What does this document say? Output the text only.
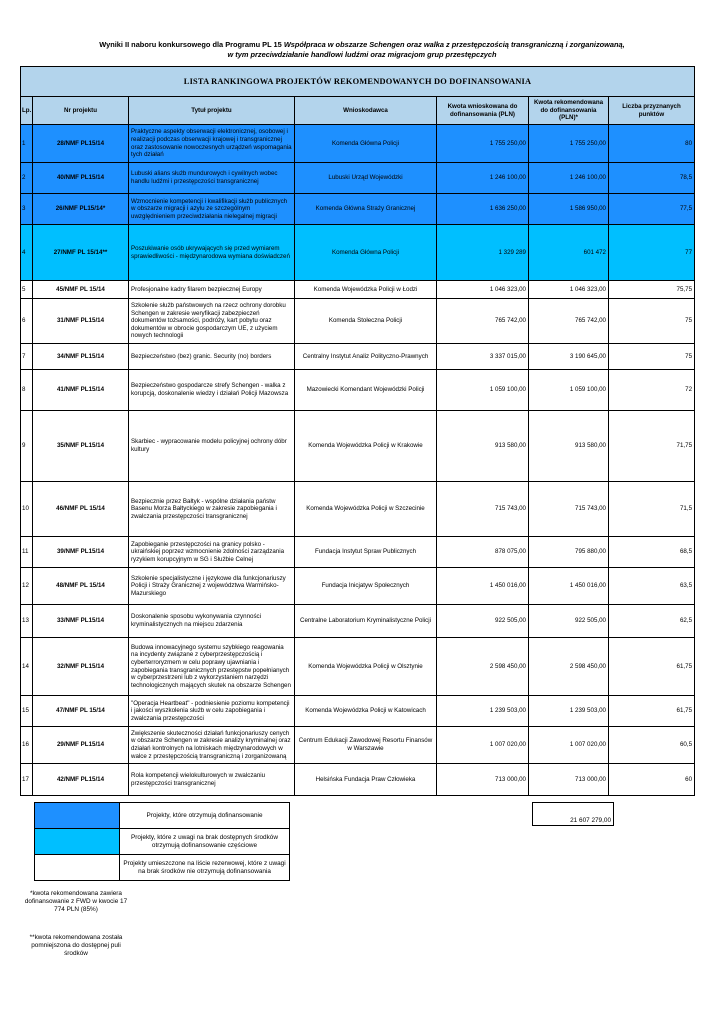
Wyniki II naboru konkursowego dla Programu PL 15 Współpraca w obszarze Schengen oraz walka z przestępczością transgraniczną i zorganizowaną,
w tym przeciwdziałanie handlowi ludźmi oraz migracjom grup przestępczych
LISTA RANKINGOWA PROJEKTÓW REKOMENDOWANYCH DO DOFINANSOWANIA						
Lp.	Nr projektu	Tytuł projektu	Wnioskodawca	Kwota wnioskowana do dofinansowania (PLN)	Kwota rekomendowana do dofinansowania (PLN)*	Liczba przyznanych punktów
1	28/NMF PL15/14	Praktyczne aspekty obserwacji elektronicznej, osobowej i realizacji podczas obserwacji krajowej i transgranicznej oraz zastosowanie nowoczesnych urządzeń wspomagania tych działań	Komenda Główna Policji	1 755 250,00	1 755 250,00	80
2	40/NMF PL15/14	Lubuski alians służb mundurowych i cywilnych wobec handlu ludźmi i przestępczości transgranicznej	Lubuski Urząd Wojewódzki	1 246 100,00	1 246 100,00	78,5
3	26/NMF PL15/14*	Wzmocnienie kompetencji i kwalifikacji służb publicznych w obszarze migracji i azylu ze szczególnym uwzględnieniem przeciwdziałania nielegalnej migracji	Komenda Główna Straży Granicznej	1 636 250,00	1 586 950,00	77,5
4	27/NMF PL 15/14**	Poszukiwanie osób ukrywających się przed wymiarem sprawiedliwości - międzynarodowa wymiana doświadczeń	Komenda Główna Policji	1 329 289	601 472	77
5	45/NMF PL 15/14	Profesjonalne kadry filarem bezpiecznej Europy	Komenda Wojewódzka Policji w Łodzi	1 046 323,00	1 046 323,00	75,75
6	31/NMF PL15/14	Szkolenie służb państwowych na rzecz ochrony dorobku Schengen w zakresie weryfikacji zabezpieczeń dokumentów tożsamości, podróży, kart pobytu oraz dokumentów w obrocie gospodarczym UE, z użyciem nowych technologii	Komenda Stołeczna Policji	765 742,00	765 742,00	75
7	34/NMF PL15/14	Bezpieczeństwo (bez) granic. Security (no) borders	Centralny Instytut Analiz Polityczno-Prawnych	3 337 015,00	3 190 645,00	75
8	41/NMF PL15/14	Bezpieczeństwo gospodarcze strefy Schengen - walka z korupcją, doskonalenie wiedzy i działań Policji Mazowsza	Mazowiecki Komendant Wojewódzki Policji	1 059 100,00	1 059 100,00	72
9	35/NMF PL15/14	Skarbiec - wypracowanie modelu policyjnej ochrony dóbr kultury	Komenda Wojewódzka Policji w Krakowie	913 580,00	913 580,00	71,75
10	46/NMF PL 15/14	Bezpiecznie przez Bałtyk - wspólne działania państw Basenu Morza Bałtyckiego w zakresie zapobiegania i zwalczania przestępczości transgranicznej	Komenda Wojewódzka Policji w Szczecinie	715 743,00	715 743,00	71,5
11	39/NMF PL15/14	Zapobieganie przestępczości na granicy polsko - ukraińskiej poprzez wzmocnienie zdolności zarządzania ryzykiem korupcyjnym w SG i Służbie Celnej	Fundacja Instytut Spraw Publicznych	878 075,00	795 880,00	68,5
12	48/NMF PL 15/14	Szkolenie specjalistyczne i językowe dla funkcjonariuszy Policji i Straży Granicznej z województwa Warmińsko-Mazurskiego	Fundacja Inicjatyw Społecznych	1 450 016,00	1 450 016,00	63,5
13	33/NMF PL15/14	Doskonalenie sposobu wykonywania czynności kryminalistycznych na miejscu zdarzenia	Centralne Laboratorium Kryminalistyczne Policji	922 505,00	922 505,00	62,5
14	32/NMF PL15/14	Budowa innowacyjnego systemu szybkiego reagowania na incydenty związane z cyberprzestępczością i cyberterroryzmem w celu poprawy ujawniania i zapobiegania transgranicznych przestępstw popełnianych w cyberprzestrzeni lub z wykorzystaniem narzędzi technologicznych mających skutek na obszarze Schengen	Komenda Wojewódzka Policji w Olsztynie	2 598 450,00	2 598 450,00	61,75
15	47/NMF PL 15/14	"Operacja Heartbeat" - podniesienie poziomu kompetencji i jakości wyszkolenia służb w celu zapobiegania i zwalczania przestępczości	Komenda Wojewódzka Policji w Katowicach	1 239 503,00	1 239 503,00	61,75
16	29/NMF PL15/14	Zwiększenie skuteczności działań funkcjonariuszy cenych w obszarze Schengen w zakresie analizy kryminalnej oraz działań kontrolnych na lotniskach międzynarodowych w walce z przestępczością transgraniczną i zorganizowaną	Centrum Edukacji Zawodowej Resortu Finansów w Warszawie	1 007 020,00	1 007 020,00	60,5
17	42/NMF PL15/14	Rola kompetencji wielokulturowych w zwalczaniu przestępczości transgranicznej	Helsińska Fundacja Praw Człowieka	713 000,00	713 000,00	60
Projekty, które otrzymują dofinansowanie
Projekty, które z uwagi na brak dostępnych środków otrzymują dofinansowanie częściowe
Projekty umieszczone na liście rezerwowej, które z uwagi na brak środków nie otrzymują dofinansowania
21 607 279,00
*kwota rekomendowana zawiera dofinansowanie z FWD w kwocie 17 774 PLN (85%)
**kwota rekomendowana została pomniejszona do dostępnej puli środków
